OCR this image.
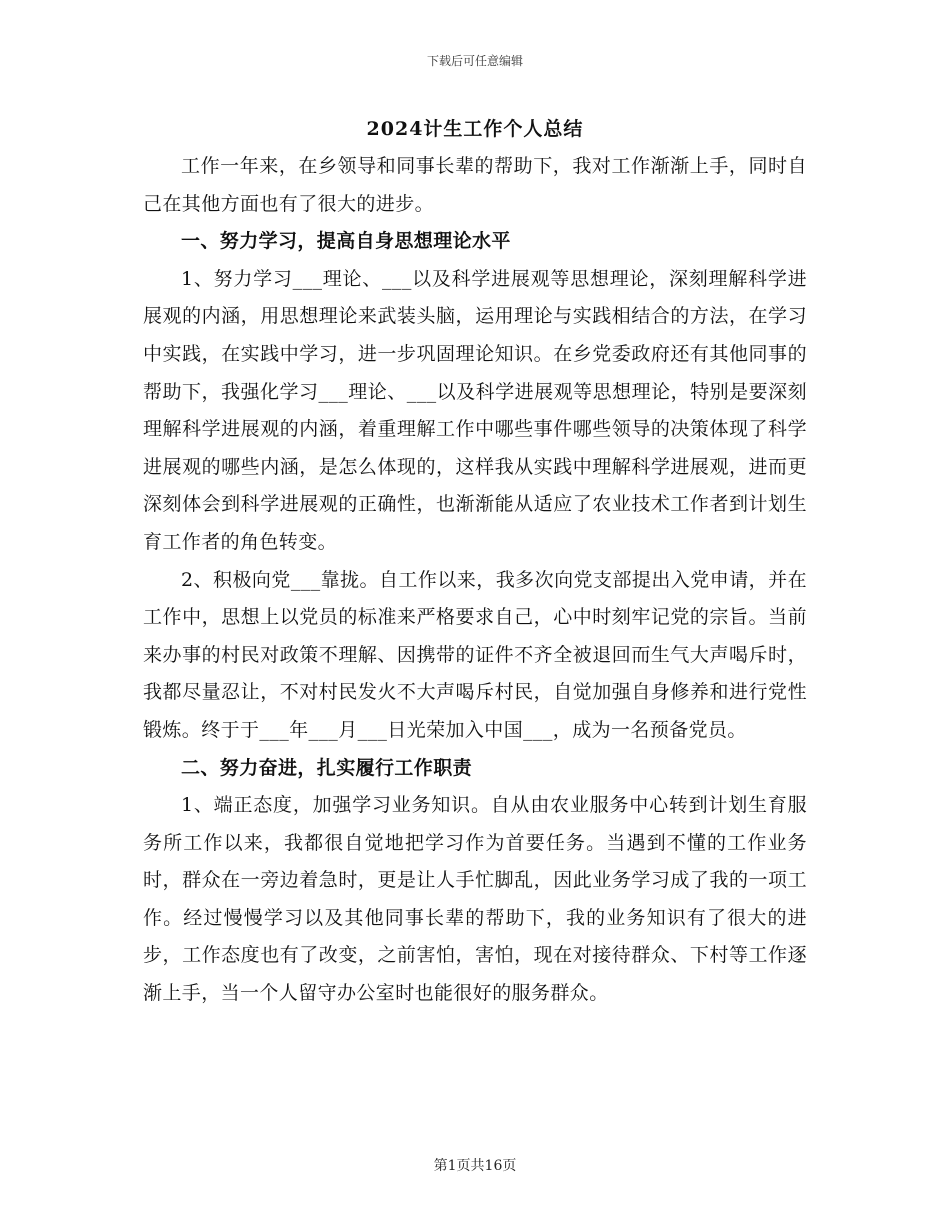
下载后可任意编辑
2024计生工作个人总结

工作一年来，在乡领导和同事长辈的帮助下，我对工作渐渐上手，同时自己在其他方面也有了很大的进步。

一、努力学习，提高自身思想理论水平

1、努力学习___理论、___以及科学进展观等思想理论，深刻理解科学进展观的内涵，用思想理论来武装头脑，运用理论与实践相结合的方法，在学习中实践，在实践中学习，进一步巩固理论知识。在乡党委政府还有其他同事的帮助下，我强化学习___理论、___以及科学进展观等思想理论，特别是要深刻理解科学进展观的内涵，着重理解工作中哪些事件哪些领导的决策体现了科学进展观的哪些内涵，是怎么体现的，这样我从实践中理解科学进展观，进而更深刻体会到科学进展观的正确性，也渐渐能从适应了农业技术工作者到计划生育工作者的角色转变。

2、积极向党___靠拢。自工作以来，我多次向党支部提出入党申请，并在工作中，思想上以党员的标准来严格要求自己，心中时刻牢记党的宗旨。当前来办事的村民对政策不理解、因携带的证件不齐全被退回而生气大声喝斥时，我都尽量忍让，不对村民发火不大声喝斥村民，自觉加强自身修养和进行党性锻炼。终于于___年___月___日光荣加入中国___，成为一名预备党员。

二、努力奋进，扎实履行工作职责

1、端正态度，加强学习业务知识。自从由农业服务中心转到计划生育服务所工作以来，我都很自觉地把学习作为首要任务。当遇到不懂的工作业务时，群众在一旁边着急时，更是让人手忙脚乱，因此业务学习成了我的一项工作。经过慢慢学习以及其他同事长辈的帮助下，我的业务知识有了很大的进步，工作态度也有了改变，之前害怕，害怕，现在对接待群众、下村等工作逐渐上手，当一个人留守办公室时也能很好的服务群众。

第1页共16页
